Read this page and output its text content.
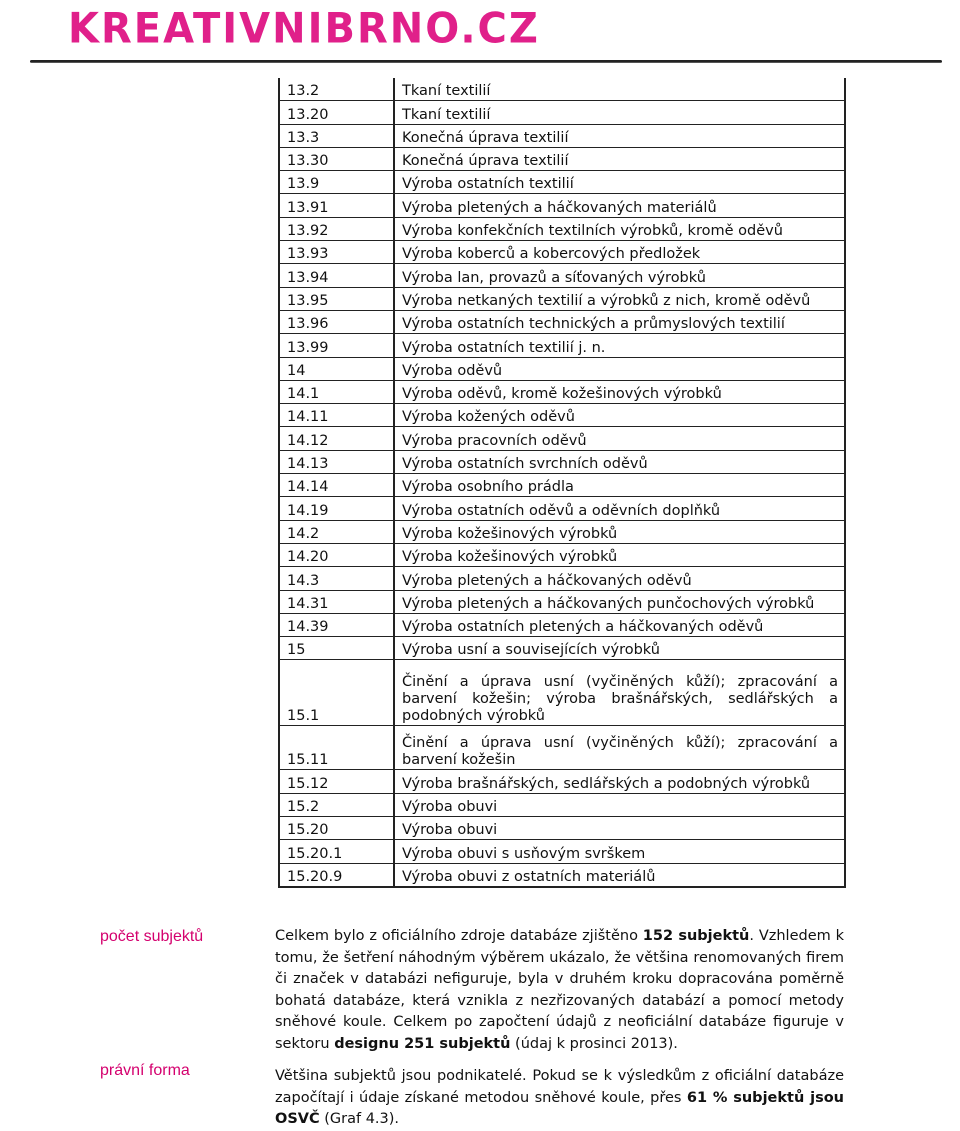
KREATIVNIBRNO.CZ
13.2	Tkaní textilií
13.20	Tkaní textilií
13.3	Konečná úprava textilií
13.30	Konečná úprava textilií
13.9	Výroba ostatních textilií
13.91	Výroba pletených a háčkovaných materiálů
13.92	Výroba konfekčních textilních výrobků, kromě oděvů
13.93	Výroba koberců a kobercových předložek
13.94	Výroba lan, provazů a síťovaných výrobků
13.95	Výroba netkaných textilií a výrobků z nich, kromě oděvů
13.96	Výroba ostatních technických a průmyslových textilií
13.99	Výroba ostatních textilií j. n.
14	Výroba oděvů
14.1	Výroba oděvů, kromě kožešinových výrobků
14.11	Výroba kožených oděvů
14.12	Výroba pracovních oděvů
14.13	Výroba ostatních svrchních oděvů
14.14	Výroba osobního prádla
14.19	Výroba ostatních oděvů a oděvních doplňků
14.2	Výroba kožešinových výrobků
14.20	Výroba kožešinových výrobků
14.3	Výroba pletených a háčkovaných oděvů
14.31	Výroba pletených a háčkovaných punčochových výrobků
14.39	Výroba ostatních pletených a háčkovaných oděvů
15	Výroba usní a souvisejících výrobků
15.1	Činění a úprava usní (vyčiněných kůží); zpracování a barvení kožešin; výroba brašnářských, sedlářských a podobných výrobků
15.11	Činění a úprava usní (vyčiněných kůží); zpracování a barvení kožešin
15.12	Výroba brašnářských, sedlářských a podobných výrobků
15.2	Výroba obuvi
15.20	Výroba obuvi
15.20.1	Výroba obuvi s usňovým svrškem
15.20.9	Výroba obuvi z ostatních materiálů
počet subjektů
právní forma
Celkem bylo z oficiálního zdroje databáze zjištěno 152 subjektů. Vzhledem k tomu, že šetření náhodným výběrem ukázalo, že většina renomovaných firem či značek v databázi nefiguruje, byla v druhém kroku dopracována poměrně bohatá databáze, která vznikla z nezřizovaných databází a pomocí metody sněhové koule. Celkem po započtení údajů z neoficiální databáze figuruje v sektoru designu 251 subjektů (údaj k prosinci 2013).
Většina subjektů jsou podnikatelé. Pokud se k výsledkům z oficiální databáze započítají i údaje získané metodou sněhové koule, přes 61 % subjektů jsou OSVČ (Graf 4.3).
